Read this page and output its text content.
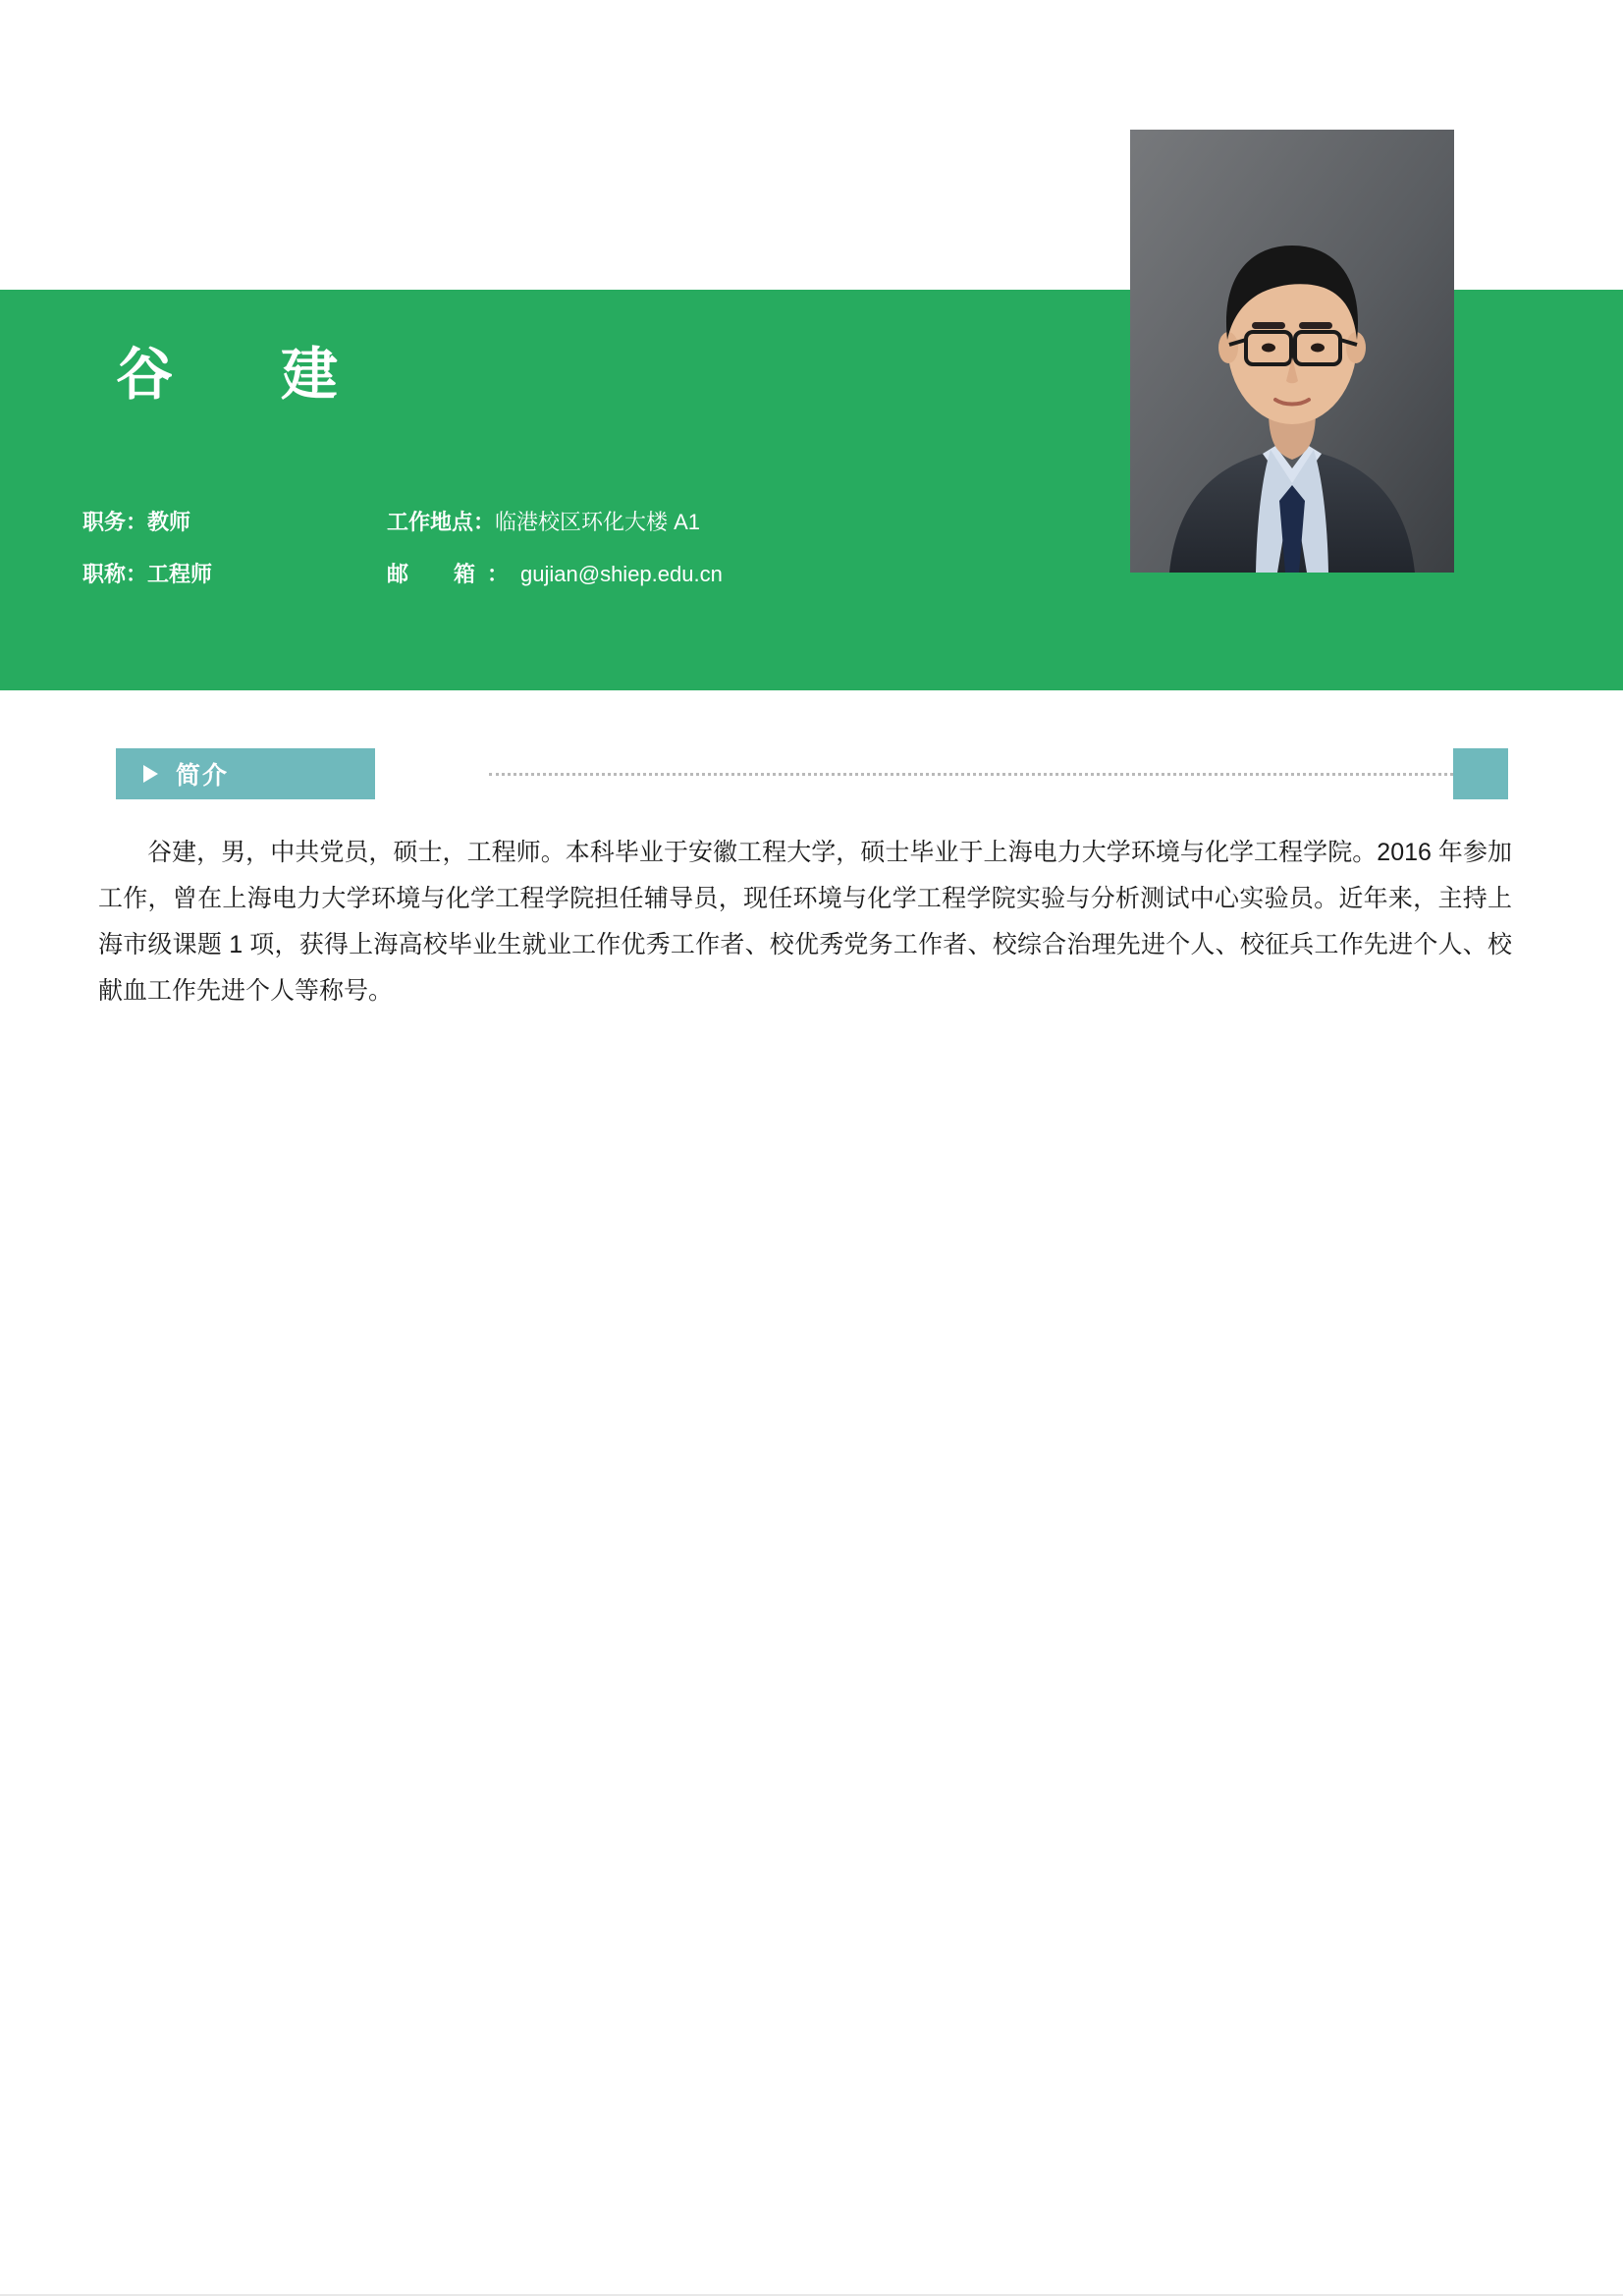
谷　建
职务： 教师	工作地点： 临港校区环化大楼 A1
职称： 工程师	邮　箱： gujian@shiep.edu.cn
简介
谷建，男，中共党员，硕士，工程师。本科毕业于安徽工程大学，硕士毕业于上海电力大学环境与化学工程学院。2016 年参加工作，曾在上海电力大学环境与化学工程学院担任辅导员，现任环境与化学工程学院实验与分析测试中心实验员。近年来，主持上海市级课题 1 项，获得上海高校毕业生就业工作优秀工作者、校优秀党务工作者、校综合治理先进个人、校征兵工作先进个人、校献血工作先进个人等称号。
